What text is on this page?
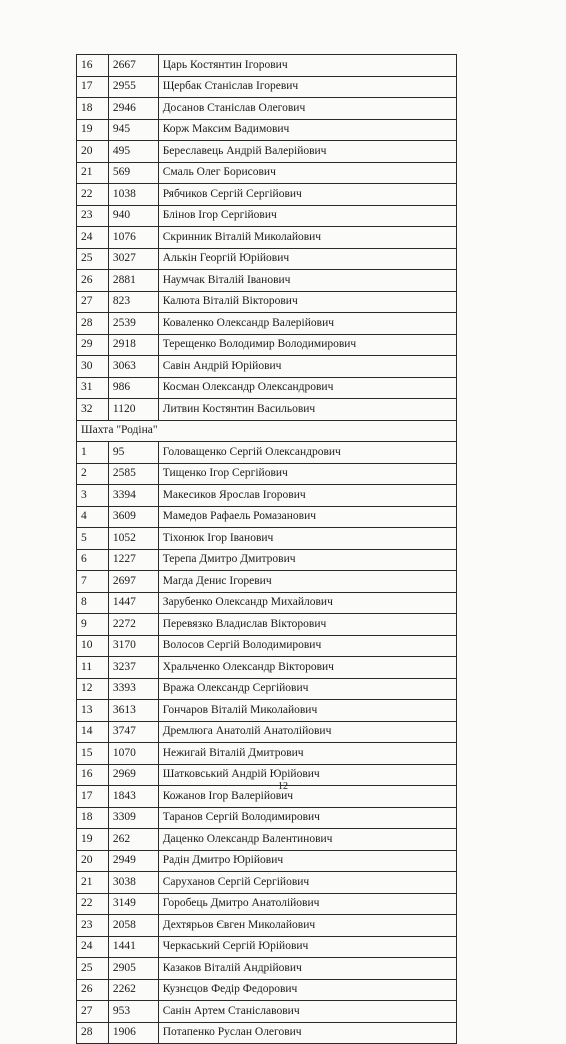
16	2667	Царь Костянтин Ігорович
17	2955	Щербак Станіслав Ігоревич
18	2946	Досанов Станіслав Олегович
19	945	Корж Максим Вадимович
20	495	Береславець Андрій Валерійович
21	569	Смаль Олег Борисович
22	1038	Рябчиков Сергій Сергійович
23	940	Блінов Ігор Сергійович
24	1076	Скринник Віталій Миколайович
25	3027	Алькін Георгій Юрійович
26	2881	Наумчак Віталій Іванович
27	823	Калюта Віталій Вікторович
28	2539	Коваленко Олександр Валерійович
29	2918	Терещенко Володимир Володимирович
30	3063	Савін Андрій Юрійович
31	986	Косман Олександр Олександрович
32	1120	Литвин Костянтин Васильович
Шахта "Родіна"		
1	95	Головащенко Сергій Олександрович
2	2585	Тищенко Ігор Сергійович
3	3394	Макесиков Ярослав Ігорович
4	3609	Мамедов Рафаель Ромазанович
5	1052	Тіхонюк Ігор Іванович
6	1227	Терепа Дмитро Дмитрович
7	2697	Магда Денис Ігоревич
8	1447	Зарубенко Олександр Михайлович
9	2272	Перевязко Владислав Вікторович
10	3170	Волосов Сергій Володимирович
11	3237	Хральченко Олександр Вікторович
12	3393	Вража Олександр Сергійович
13	3613	Гончаров Віталій Миколайович
14	3747	Дремлюга Анатолій Анатолійович
15	1070	Нежигай Віталій Дмитрович
16	2969	Шатковський Андрій Юрійович
17	1843	Кожанов Ігор Валерійович
18	3309	Таранов Сергій Володимирович
19	262	Даценко Олександр Валентинович
20	2949	Радін Дмитро Юрійович
21	3038	Саруханов Сергій Сергійович
22	3149	Горобець Дмитро Анатолійович
23	2058	Дехтярьов Євген Миколайович
24	1441	Черкаський Сергій Юрійович
25	2905	Казаков Віталій Андрійович
26	2262	Кузнєцов Федір Федорович
27	953	Санін Артем Станіславович
28	1906	Потапенко Руслан Олегович
12
